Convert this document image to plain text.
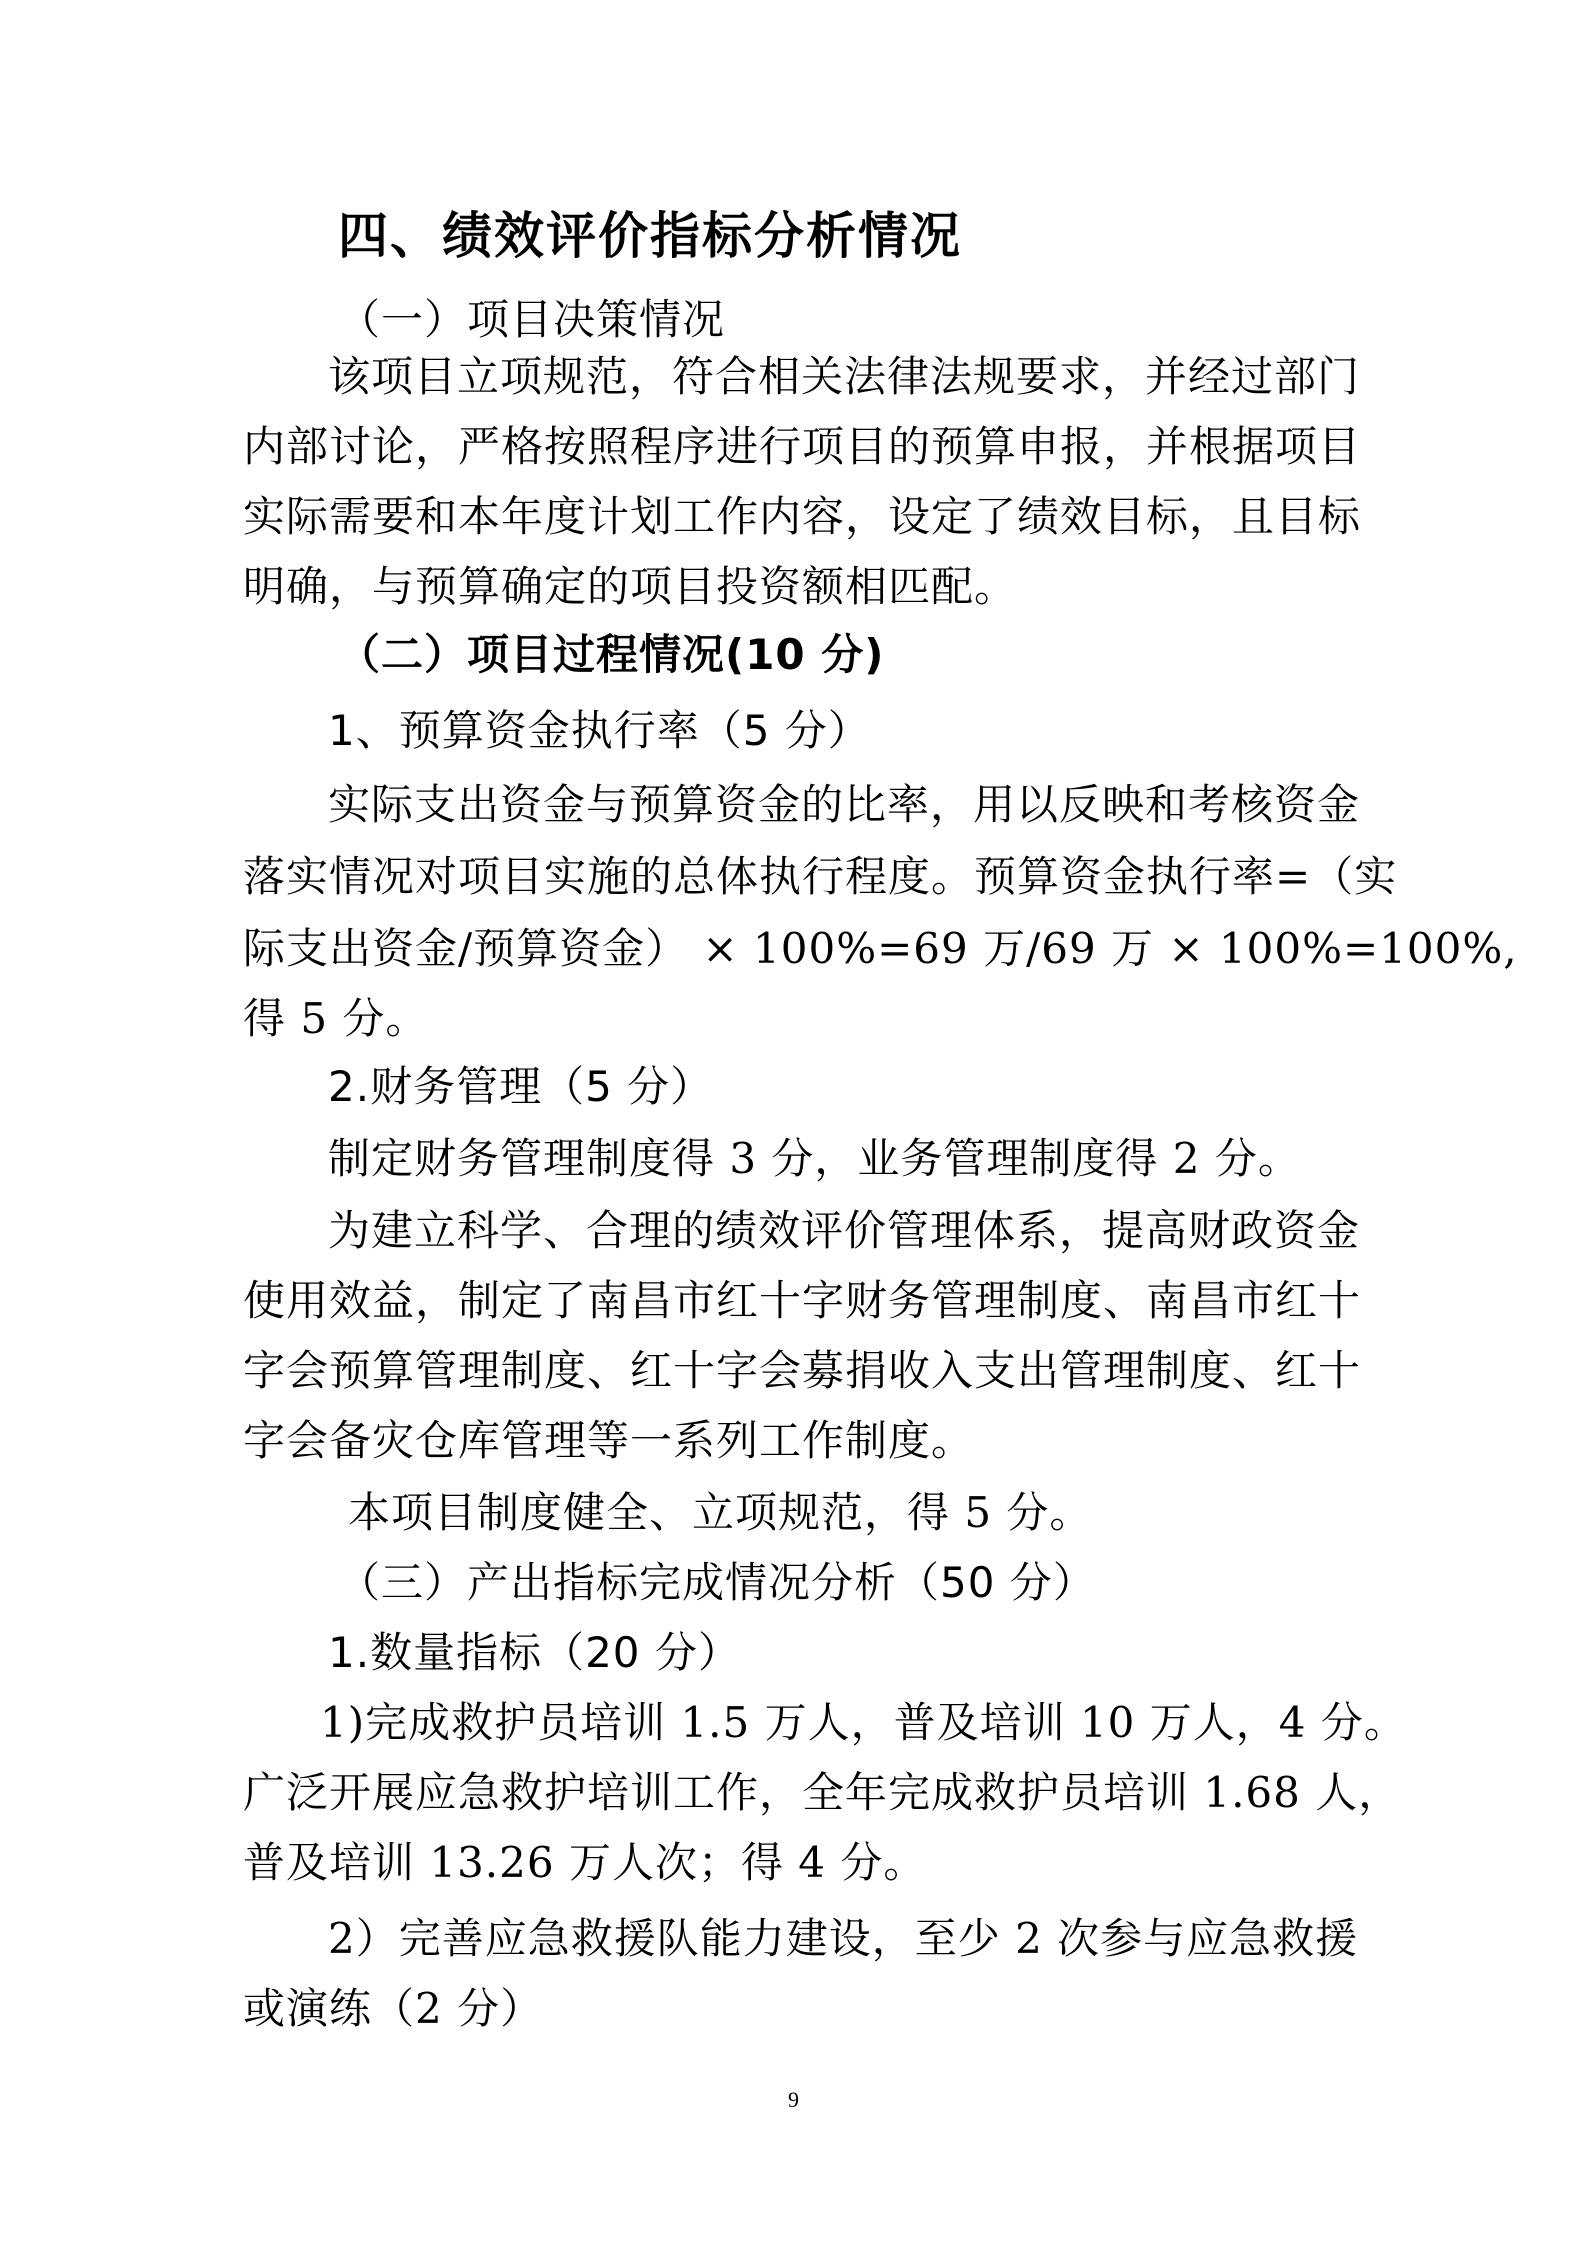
四、绩效评价指标分析情况

（一）项目决策情况

该项目立项规范，符合相关法律法规要求，并经过部门

内部讨论，严格按照程序进行项目的预算申报，并根据项目

实际需要和本年度计划工作内容，设定了绩效目标，且目标

明确，与预算确定的项目投资额相匹配。

（二）项目过程情况(10 分)

1、预算资金执行率（5 分）

实际支出资金与预算资金的比率，用以反映和考核资金

落实情况对项目实施的总体执行程度。预算资金执行率=（实

际支出资金/预算资金） × 100%=69 万/69 万 × 100%=100%,

得 5 分。

2.财务管理（5 分）

制定财务管理制度得 3 分，业务管理制度得 2 分。

为建立科学、合理的绩效评价管理体系，提高财政资金

使用效益，制定了南昌市红十字财务管理制度、南昌市红十

字会预算管理制度、红十字会募捐收入支出管理制度、红十

字会备灾仓库管理等一系列工作制度。

本项目制度健全、立项规范，得 5 分。

（三）产出指标完成情况分析（50 分）

1.数量指标（20 分）

1)完成救护员培训 1.5 万人，普及培训 10 万人，4 分。

广泛开展应急救护培训工作，全年完成救护员培训 1.68 人，

普及培训 13.26 万人次；得 4 分。

2）完善应急救援队能力建设，至少 2 次参与应急救援

或演练（2 分）

9
